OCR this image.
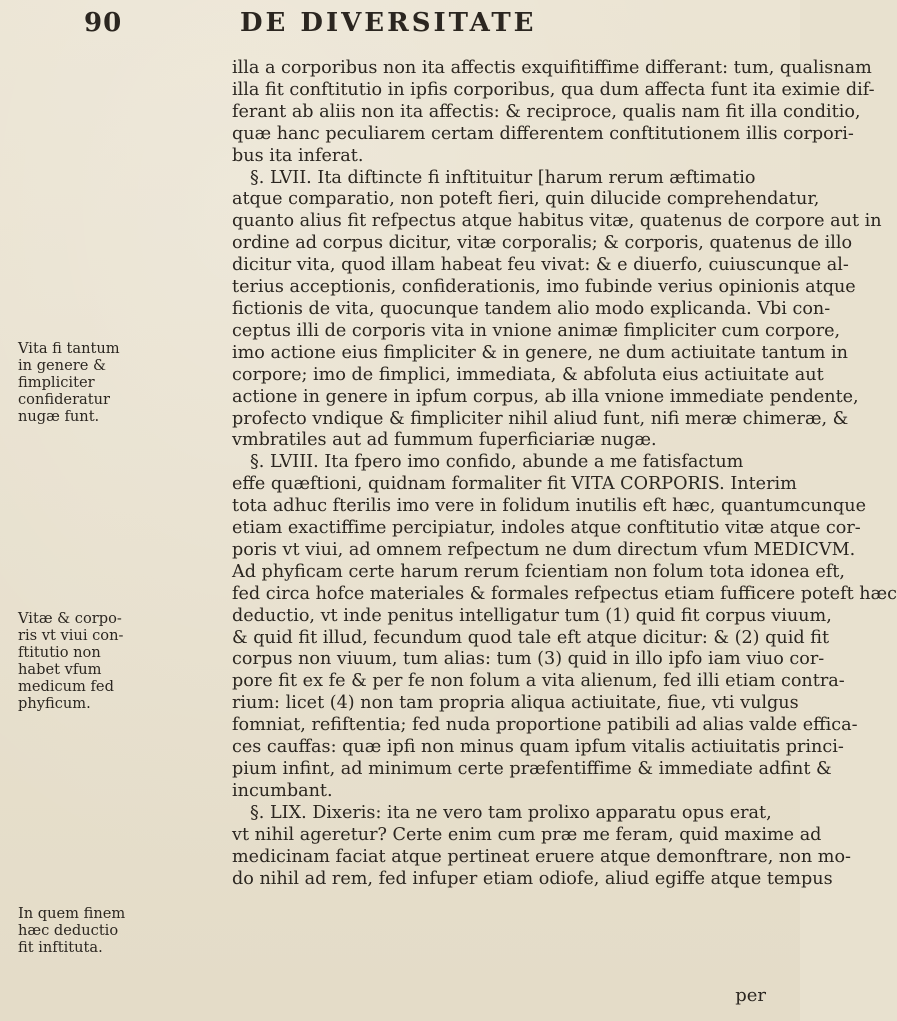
90	DE DIVERSITATE
Vita fi tantum
in genere &
fimpliciter
confideratur
nugæ funt.
Vitæ & corpo-
ris vt viui con-
ftitutio non
habet vfum
medicum fed
phyficum.
In quem finem
hæc deductio
fit inftituta.

illa a corporibus non ita affectis exquifitiffime differant: tum, qualisnam
illa fit conftitutio in ipfis corporibus, qua dum affecta funt ita eximie dif-
ferant ab aliis non ita affectis: & reciproce, qualis nam fit illa conditio,
quæ hanc peculiarem certam differentem conftitutionem illis corpori-
bus ita inferat.

§. LVII. Ita diftincte fi inftituitur [harum rerum æftimatio
atque comparatio, non poteft fieri, quin dilucide comprehendatur,
quanto alius fit refpectus atque habitus vitæ, quatenus de corpore aut in
ordine ad corpus dicitur, vitæ corporalis; & corporis, quatenus de illo
dicitur vita, quod illam habeat feu vivat: & e diuerfo, cuiuscunque al-
terius acceptionis, confiderationis, imo fubinde verius opinionis atque
fictionis de vita, quocunque tandem alio modo explicanda. Vbi con-
ceptus illi de corporis vita in vnione animæ fimpliciter cum corpore,
imo actione eius fimpliciter & in genere, ne dum actiuitate tantum in
corpore; imo de fimplici, immediata, & abfoluta eius actiuitate aut
actione in genere in ipfum corpus, ab illa vnione immediate pendente,
profecto vndique & fimpliciter nihil aliud funt, nifi meræ chimeræ, &
vmbratiles aut ad fummum fuperficiariæ nugæ.

§. LVIII. Ita fpero imo confido, abunde a me fatisfactum
effe quæftioni, quidnam formaliter fit VITA CORPORIS. Interim
tota adhuc fterilis imo vere in folidum inutilis eft hæc, quantumcunque
etiam exactiffime percipiatur, indoles atque conftitutio vitæ atque cor-
poris vt viui, ad omnem refpectum ne dum directum vfum MEDICVM.
Ad phyficam certe harum rerum fcientiam non folum tota idonea eft,
fed circa hofce materiales & formales refpectus etiam fufficere poteft hæc
deductio, vt inde penitus intelligatur tum (1) quid fit corpus viuum,
& quid fit illud, fecundum quod tale eft atque dicitur: & (2) quid fit
corpus non viuum, tum alias: tum (3) quid in illo ipfo iam viuo cor-
pore fit ex fe & per fe non folum a vita alienum, fed illi etiam contra-
rium: licet (4) non tam propria aliqua actiuitate, fiue, vti vulgus
fomniat, refiftentia; fed nuda proportione patibili ad alias valde efficа-
ces cauffas: quæ ipfi non minus quam ipfum vitalis actiuitatis princi-
pium infint, ad minimum certe præfentiffime & immediate adfint &
incumbant.

§. LIX. Dixeris: ita ne vero tam prolixo apparatu opus erat,
vt nihil ageretur? Certe enim cum præ me feram, quid maxime ad
medicinam faciat atque pertineat eruere atque demonftrare, non mo-
do nihil ad rem, fed infuper etiam odiofe, aliud egiffe atque tempus

per
